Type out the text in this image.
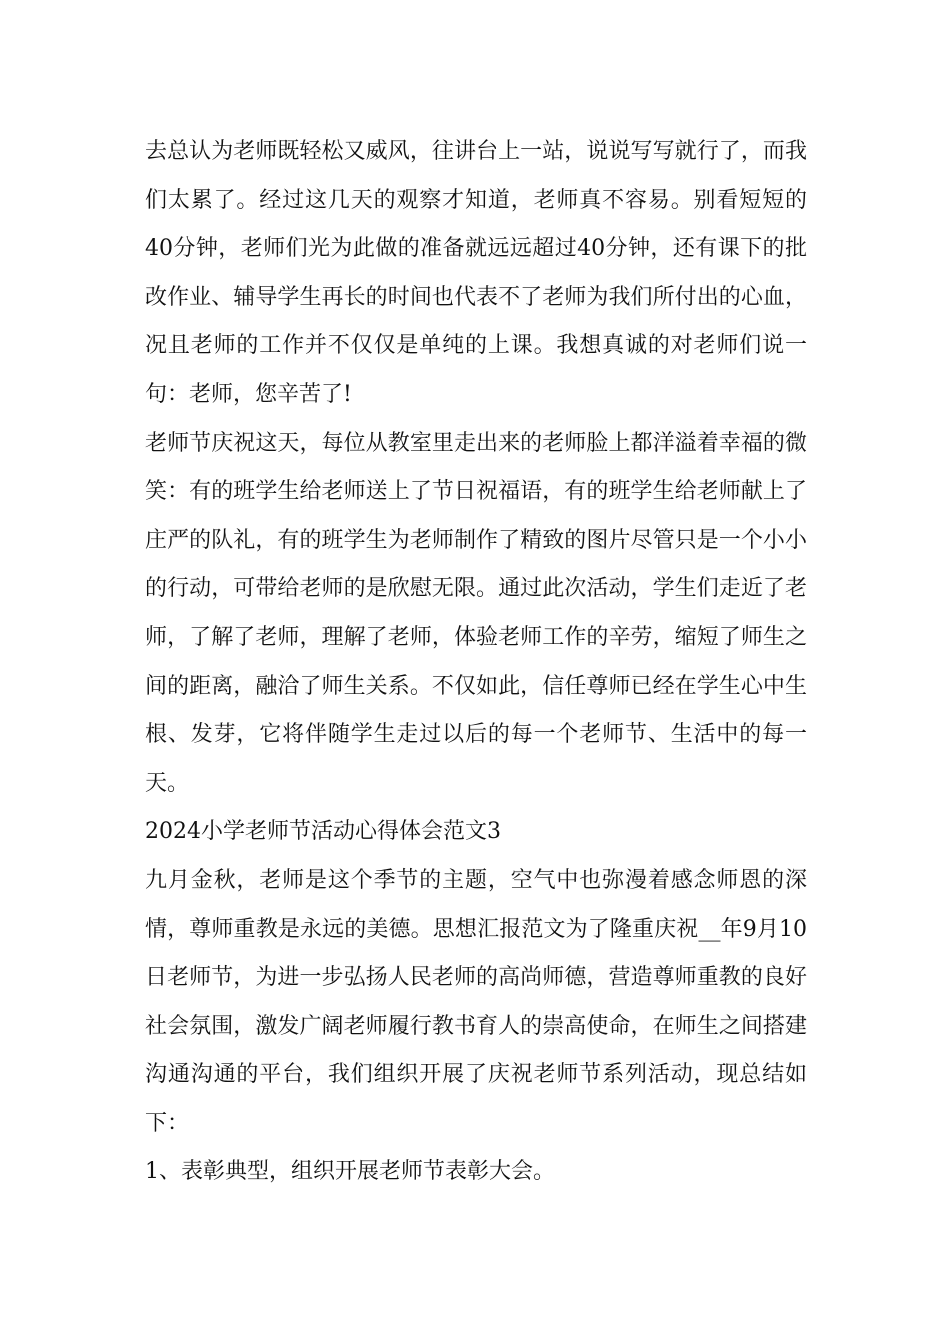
去总认为老师既轻松又威风，往讲台上一站，说说写写就行了，而我们太累了。经过这几天的观察才知道，老师真不容易。别看短短的40分钟，老师们光为此做的准备就远远超过40分钟，还有课下的批改作业、辅导学生再长的时间也代表不了老师为我们所付出的心血，况且老师的工作并不仅仅是单纯的上课。我想真诚的对老师们说一句：老师，您辛苦了!

老师节庆祝这天，每位从教室里走出来的老师脸上都洋溢着幸福的微笑：有的班学生给老师送上了节日祝福语，有的班学生给老师献上了庄严的队礼，有的班学生为老师制作了精致的图片尽管只是一个小小的行动，可带给老师的是欣慰无限。通过此次活动，学生们走近了老师，了解了老师，理解了老师，体验老师工作的辛劳，缩短了师生之间的距离，融洽了师生关系。不仅如此，信任尊师已经在学生心中生根、发芽，它将伴随学生走过以后的每一个老师节、生活中的每一天。

2024小学老师节活动心得体会范文3

九月金秋，老师是这个季节的主题，空气中也弥漫着感念师恩的深情，尊师重教是永远的美德。思想汇报范文为了隆重庆祝__年9月10日老师节，为进一步弘扬人民老师的高尚师德，营造尊师重教的良好社会氛围，激发广阔老师履行教书育人的崇高使命，在师生之间搭建沟通沟通的平台，我们组织开展了庆祝老师节系列活动，现总结如下：

1、表彰典型，组织开展老师节表彰大会。
